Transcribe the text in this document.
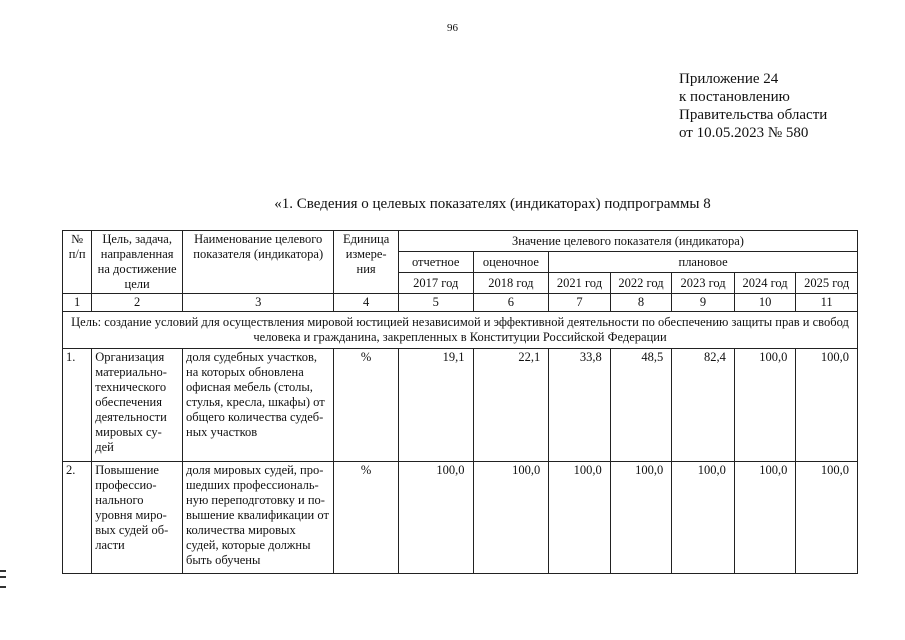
96
Приложение 24
к постановлению
Правительства области
от 10.05.2023 № 580
«1. Сведения о целевых показателях (индикаторах) подпрограммы 8
№ п/п	Цель, задача, направленная на достижение цели	Наименование целевого показателя (индикатора)	Единица измере-ния	Значение целевого показателя (индикатора)						
				отчетное	оценочное	плановое				
				2017 год	2018 год	2021 год	2022 год	2023 год	2024 год	2025 год
1	2	3	4	5	6	7	8	9	10	11
Цель: создание условий для осуществления мировой юстицией независимой и эффективной деятельности по обеспечению защиты прав и свобод человека и гражданина, закрепленных в Конституции Российской Федерации										
1.	Организация материально-технического обеспечения деятельности мировых су-дей	доля судебных участков, на которых обновлена офисная мебель (столы, стулья, кресла, шкафы) от общего количества судеб-ных участков	%	19,1	22,1	33,8	48,5	82,4	100,0	100,0
2.	Повышение профессио-нального уровня миро-вых судей об-ласти	доля мировых судей, про-шедших профессиональ-ную переподготовку и по-вышение квалификации от количества мировых судей, которые должны быть обучены	%	100,0	100,0	100,0	100,0	100,0	100,0	100,0
